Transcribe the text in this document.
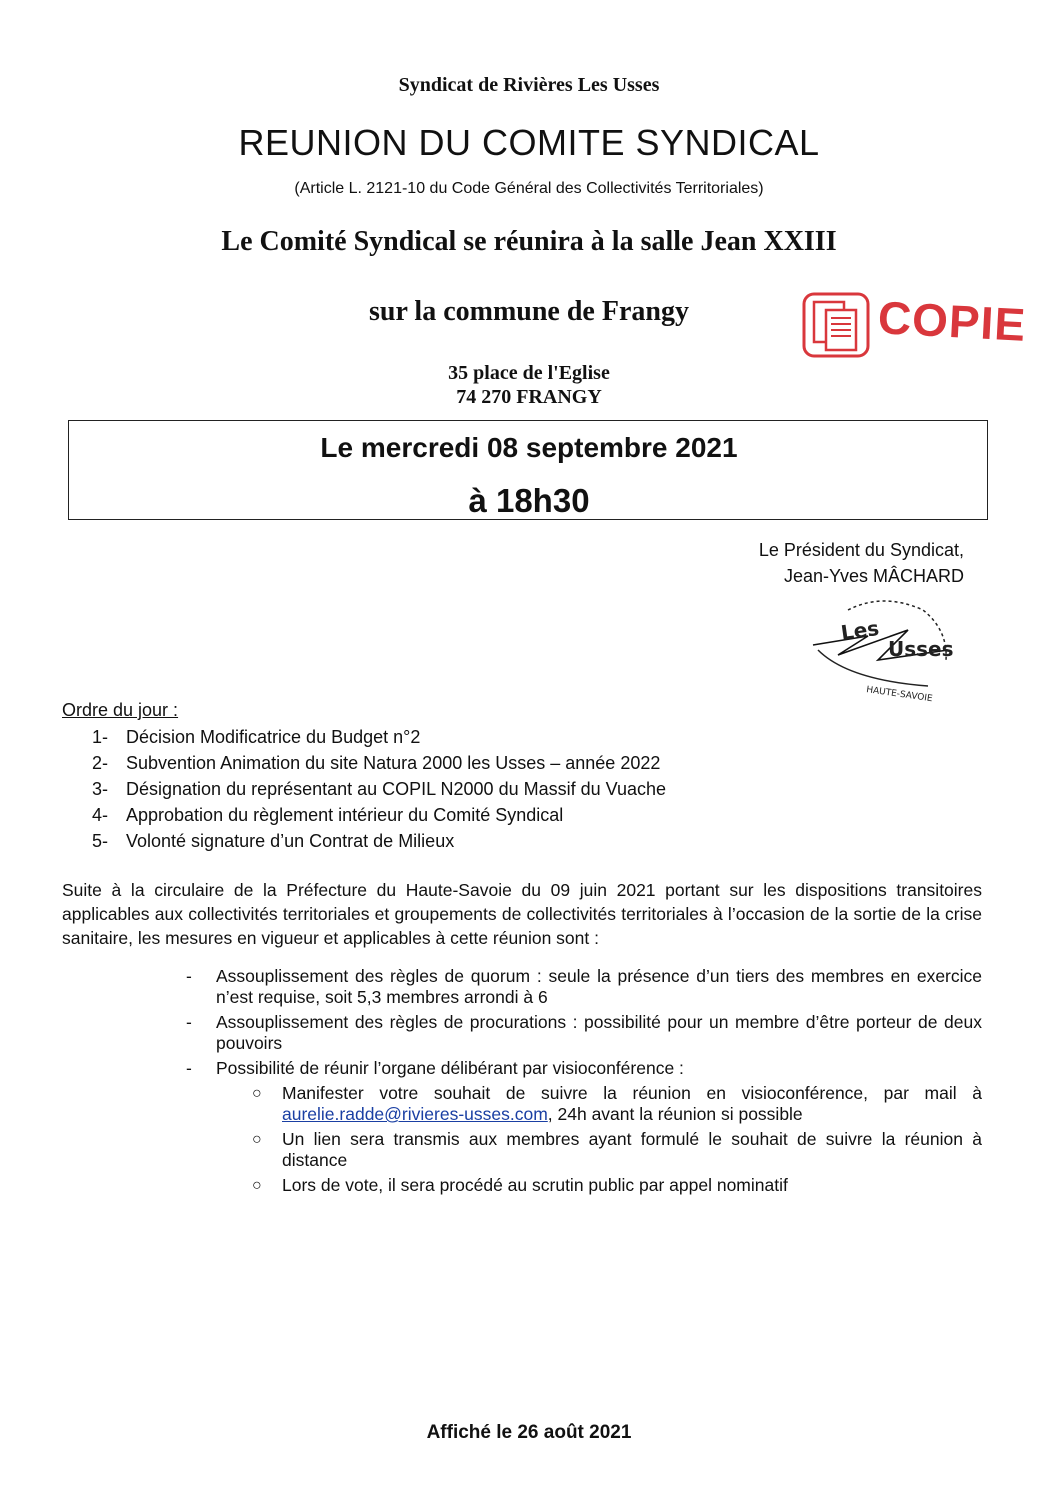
Syndicat de Rivières Les Usses
REUNION DU COMITE SYNDICAL
(Article L. 2121-10 du Code Général des Collectivités Territoriales)
Le Comité Syndical se réunira à la salle Jean XXIII
sur la commune de Frangy
35 place de l'Eglise
74 270 FRANGY
COPIE
Le mercredi 08 septembre 2021
à 18h30
Le Président du Syndicat,
Jean-Yves MÂCHARD
Les
Usses
HAUTE-SAVOIE
Ordre du jour :
1- Décision Modificatrice du Budget n°2
2- Subvention Animation du site Natura 2000 les Usses – année 2022
3- Désignation du représentant au COPIL N2000 du Massif du Vuache
4- Approbation du règlement intérieur du Comité Syndical
5- Volonté signature d’un Contrat de Milieux
Suite à la circulaire de la Préfecture du Haute-Savoie du 09 juin 2021 portant sur les dispositions transitoires applicables aux collectivités territoriales et groupements de collectivités territoriales à l’occasion de la sortie de la crise sanitaire, les mesures en vigueur et applicables à cette réunion sont :
- Assouplissement des règles de quorum : seule la présence d’un tiers des membres en exercice n’est requise, soit 5,3 membres arrondi à 6
- Assouplissement des règles de procurations : possibilité pour un membre d’être porteur de deux pouvoirs
- Possibilité de réunir l’organe délibérant par visioconférence :
○ Manifester votre souhait de suivre la réunion en visioconférence, par mail à aurelie.radde@rivieres-usses.com, 24h avant la réunion si possible
○ Un lien sera transmis aux membres ayant formulé le souhait de suivre la réunion à distance
○ Lors de vote, il sera procédé au scrutin public par appel nominatif
Affiché le 26 août 2021
